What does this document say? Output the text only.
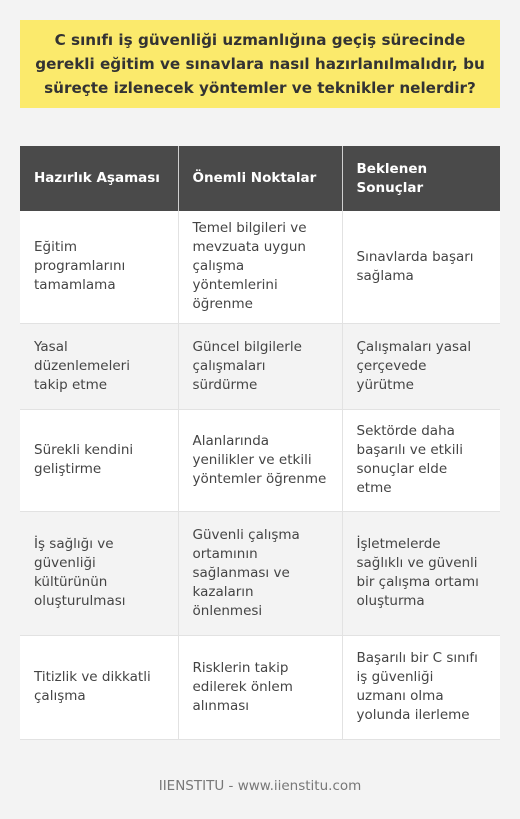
C sınıfı iş güvenliği uzmanlığına geçiş sürecinde gerekli eğitim ve sınavlara nasıl hazırlanılmalıdır, bu süreçte izlenecek yöntemler ve teknikler nelerdir?
Hazırlık Aşaması	Önemli Noktalar	Beklenen Sonuçlar
Eğitim programlarını tamamlama	Temel bilgileri ve mevzuata uygun çalışma yöntemlerini öğrenme	Sınavlarda başarı sağlama
Yasal düzenlemeleri takip etme	Güncel bilgilerle çalışmaları sürdürme	Çalışmaları yasal çerçevede yürütme
Sürekli kendini geliştirme	Alanlarında yenilikler ve etkili yöntemler öğrenme	Sektörde daha başarılı ve etkili sonuçlar elde etme
İş sağlığı ve güvenliği kültürünün oluşturulması	Güvenli çalışma ortamının sağlanması ve kazaların önlenmesi	İşletmelerde sağlıklı ve güvenli bir çalışma ortamı oluşturma
Titizlik ve dikkatli çalışma	Risklerin takip edilerek önlem alınması	Başarılı bir C sınıfı iş güvenliği uzmanı olma yolunda ilerleme
IIENSTITU - www.iienstitu.com
